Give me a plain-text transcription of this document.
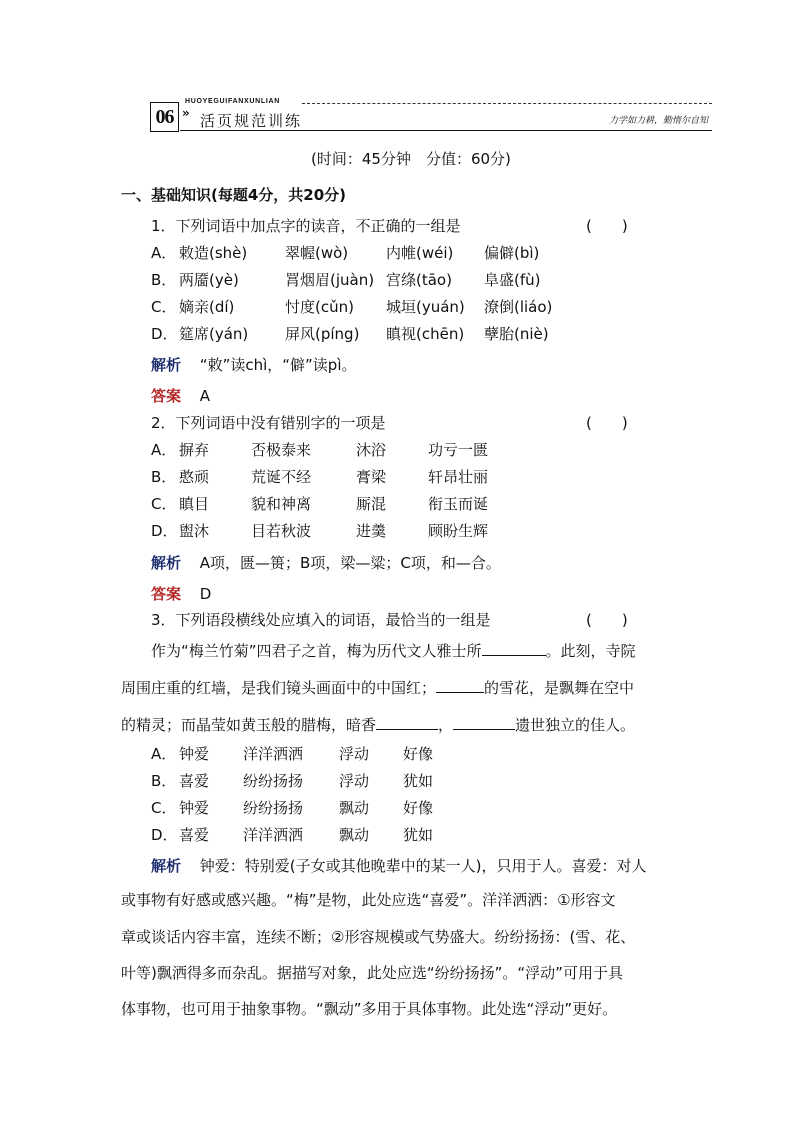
06
HUOYEGUIFANXUNLIAN
» 活页规范训练	力学如力耕，勤惰尔自知
(时间：45分钟　分值：60分)
一、基础知识(每题4分，共20分)
1．下列词语中加点字的读音，不正确的一组是	(　　)
A． 敕造(shè)	翠幄(wò)	内帷(wéi) 偏僻(bì)
B． 两靥(yè)	罥烟眉(juàn) 宫绦(tāo) 阜盛(fù)
C． 嫡亲(dí)	忖度(cǔn) 城垣(yuán) 潦倒(liáo)
D． 筵席(yán) 屏风(píng) 瞋视(chēn) 孽胎(niè)
解析 “敕”读chì，“僻”读pì。
答案 A
2．下列词语中没有错别字的一项是	(　　)
A． 摒弃	否极泰来	沐浴	功亏一匮
B． 憨顽	荒诞不经	膏梁	轩昂壮丽
C． 瞋目	貌和神离	厮混	衔玉而诞
D． 盥沐	目若秋波	进羹	顾盼生辉
解析 A项，匮—篑；B项，梁—粱；C项，和—合。
答案 D
3．下列语段横线处应填入的词语，最恰当的一组是	(　　)
作为“梅兰竹菊”四君子之首，梅为历代文人雅士所	。此刻，寺院
周围庄重的红墙，是我们镜头画面中的中国红；	的雪花，是飘舞在空中
的精灵；而晶莹如黄玉般的腊梅，暗香	，	遗世独立的佳人。
A． 钟爱 洋洋洒洒 浮动 好像
B． 喜爱 纷纷扬扬 浮动 犹如
C． 钟爱 纷纷扬扬 飘动 好像
D． 喜爱 洋洋洒洒 飘动 犹如
解析 钟爱：特别爱(子女或其他晚辈中的某一人)，只用于人。喜爱：对人
或事物有好感或感兴趣。“梅”是物，此处应选“喜爱”。洋洋洒洒：①形容文
章或谈话内容丰富，连续不断；②形容规模或气势盛大。纷纷扬扬：(雪、花、
叶等)飘洒得多而杂乱。据描写对象，此处应选“纷纷扬扬”。“浮动”可用于具
体事物，也可用于抽象事物。“飘动”多用于具体事物。此处选“浮动”更好。
